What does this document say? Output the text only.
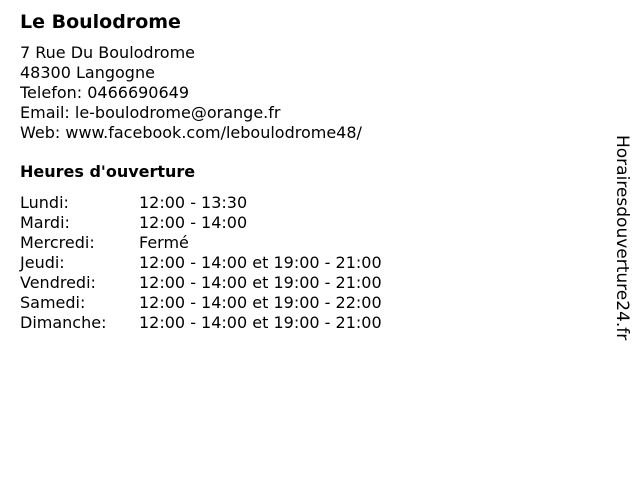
Le Boulodrome
7 Rue Du Boulodrome
48300 Langogne
Telefon: 0466690649
Email: le-boulodrome@orange.fr
Web: www.facebook.com/leboulodrome48/
Heures d'ouverture
Lundi:	12:00 - 13:30
Mardi:	12:00 - 14:00
Mercredi:	Fermé
Jeudi:	12:00 - 14:00 et 19:00 - 21:00
Vendredi:	12:00 - 14:00 et 19:00 - 21:00
Samedi:	12:00 - 14:00 et 19:00 - 22:00
Dimanche:	12:00 - 14:00 et 19:00 - 21:00	Horairesdouverture24.fr
